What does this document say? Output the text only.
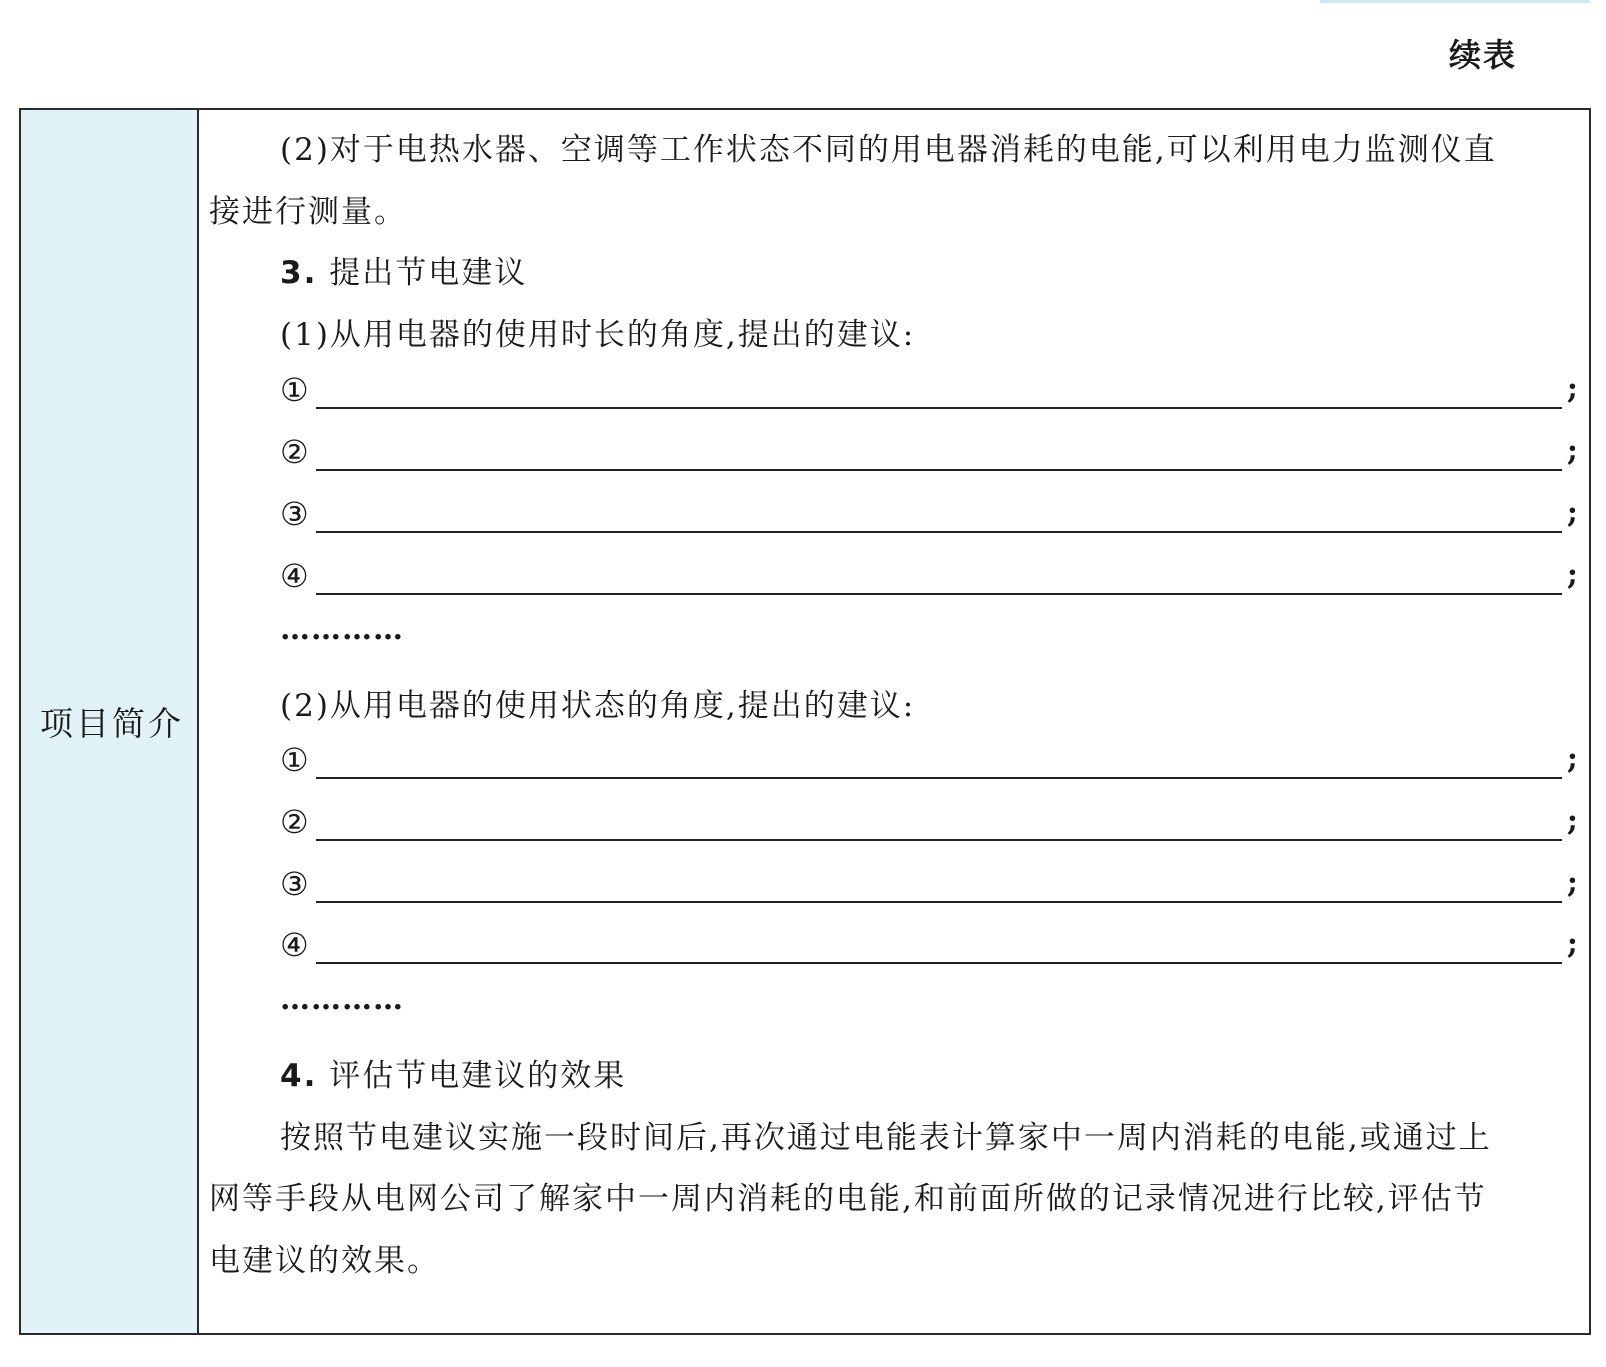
续表
项目简介
(2)对于电热水器、空调等工作状态不同的用电器消耗的电能,可以利用电力监测仪直
接进行测量。
3. 提出节电建议
(1)从用电器的使用时长的角度,提出的建议:
①	;
②	;
③	;
④	;
…………
(2)从用电器的使用状态的角度,提出的建议:
①	;
②	;
③	;
④	;
…………
4. 评估节电建议的效果
按照节电建议实施一段时间后,再次通过电能表计算家中一周内消耗的电能,或通过上
网等手段从电网公司了解家中一周内消耗的电能,和前面所做的记录情况进行比较,评估节
电建议的效果。
